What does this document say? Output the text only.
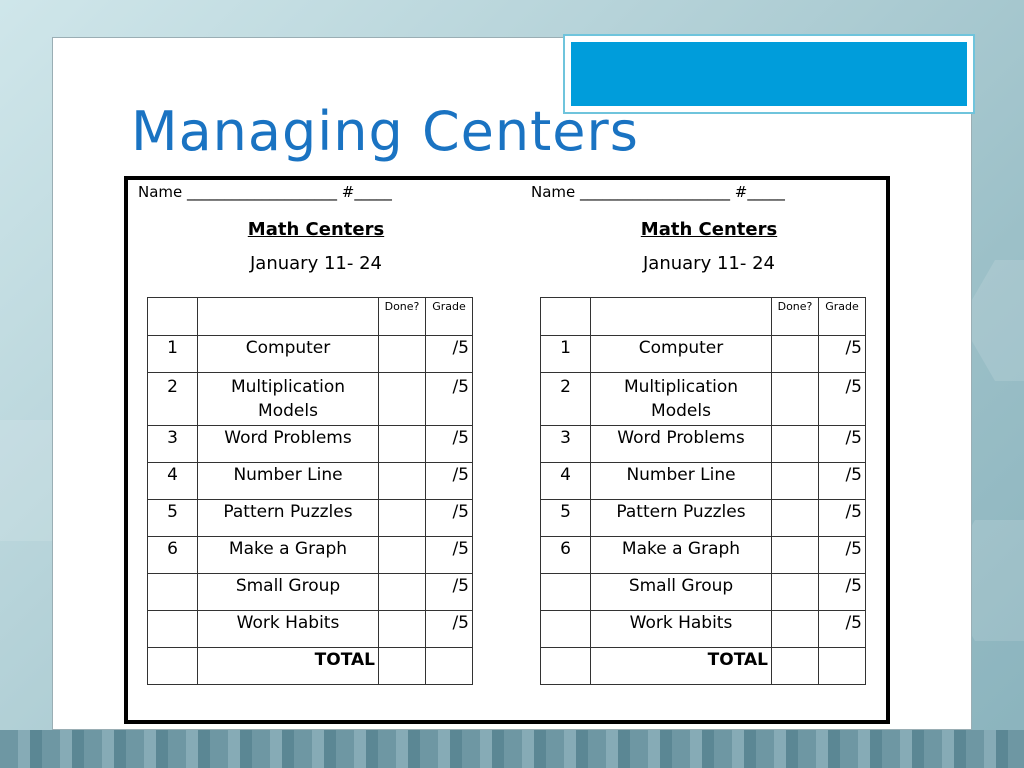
Managing Centers
Name ____________________ #_____
Math Centers
January 11- 24
		Done?	Grade
1	Computer		/5
2	Multiplication Models		/5
3	Word Problems		/5
4	Number Line		/5
5	Pattern Puzzles		/5
6	Make a Graph		/5
	Small Group		/5
	Work Habits		/5
	TOTAL		
Name ____________________ #_____
Math Centers
January 11- 24
		Done?	Grade
1	Computer		/5
2	Multiplication Models		/5
3	Word Problems		/5
4	Number Line		/5
5	Pattern Puzzles		/5
6	Make a Graph		/5
	Small Group		/5
	Work Habits		/5
	TOTAL		
